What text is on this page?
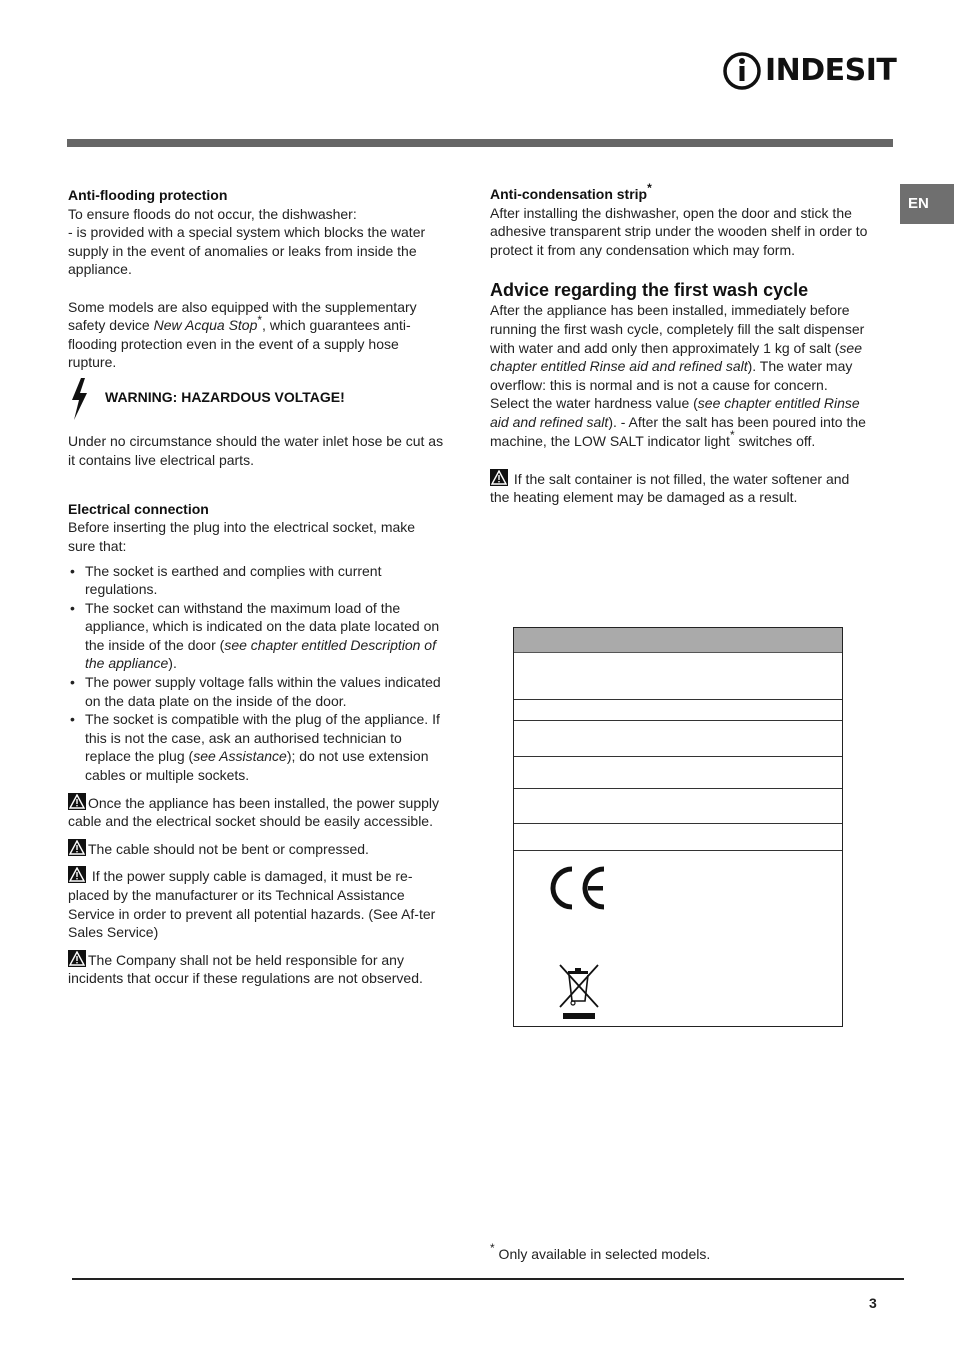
INDESIT
EN
Anti-flooding protection

To ensure floods do not occur, the dishwasher:

- is provided with a special system which blocks the water supply in the event of anomalies or leaks from inside the appliance.

Some models are also equipped with the supplementary safety device New Acqua Stop*, which guarantees anti-flooding protection even in the event of a supply hose rupture.

WARNING: HAZARDOUS VOLTAGE!

Under no circumstance should the water inlet hose be cut as it contains live electrical parts.

Electrical connection

Before inserting the plug into the electrical socket, make sure that:

• The socket is earthed and complies with current regulations.
• The socket can withstand the maximum load of the appliance, which is indicated on the data plate located on the inside of the door (see chapter entitled Description of the appliance).
• The power supply voltage falls within the values indicated on the data plate on the inside of the door.
• The socket is compatible with the plug of the appliance. If this is not the case, ask an authorised technician to replace the plug (see Assistance); do not use extension cables or multiple sockets.

Once the appliance has been installed, the power supply cable and the electrical socket should be easily accessible.

The cable should not be bent or compressed.

If the power supply cable is damaged, it must be re-placed by the manufacturer or its Technical Assistance Service in order to prevent all potential hazards. (See Af-ter Sales Service)

The Company shall not be held responsible for any incidents that occur if these regulations are not observed.

Anti-condensation strip*

After installing the dishwasher, open the door and stick the adhesive transparent strip under the wooden shelf in order to protect it from any condensation which may form.

Advice regarding the first wash cycle

After the appliance has been installed, immediately before running the first wash cycle, completely fill the salt dispenser with water and add only then approximately 1 kg of salt (see chapter entitled Rinse aid and refined salt). The water may overflow: this is normal and is not a cause for concern. Select the water hardness value (see chapter entitled Rinse aid and refined salt). - After the salt has been poured into the machine, the LOW SALT indicator light* switches off.

If the salt container is not filled, the water softener and the heating element may be damaged as a result.

* Only available in selected models.
3
